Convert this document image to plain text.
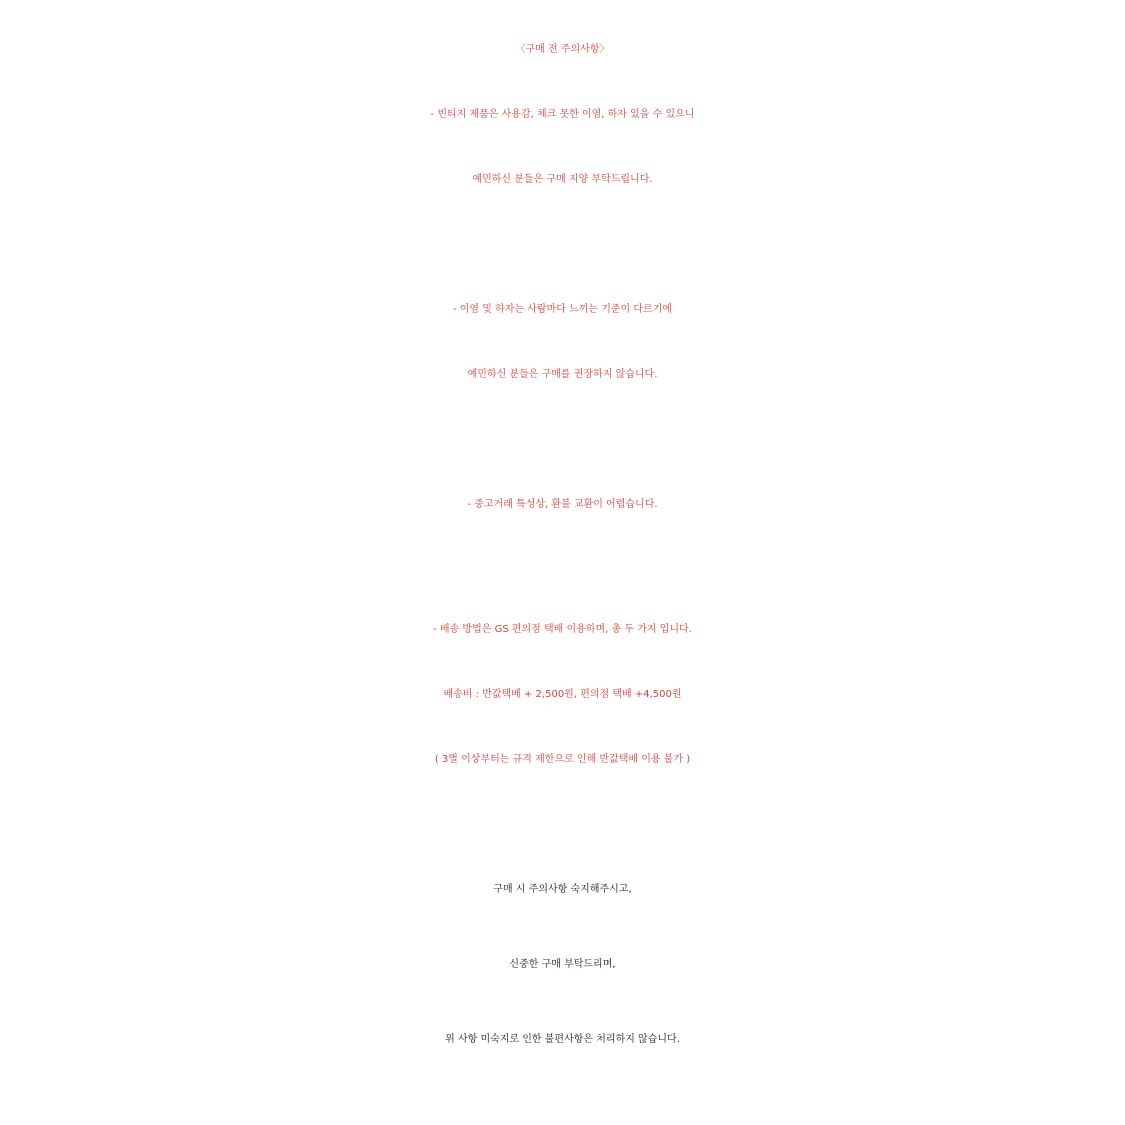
〈구매 전 주의사항〉
- 빈티지 제품은 사용감, 체크 못한 이염, 하자 있을 수 있으니
예민하신 분들은 구매 지양 부탁드립니다.
- 이염 및 하자는 사람마다 느끼는 기준이 다르기에
예민하신 분들은 구매를 권장하지 않습니다.
- 중고거래 특성상, 환불 교환이 어렵습니다.
- 배송 방법은 GS 편의점 택배 이용하며, 총 두 가지 입니다.
배송비 : 반값택배 + 2,500원, 편의점 택배 +4,500원
( 3벌 이상부터는 규격 제한으로 인해 반값택배 이용 불가 )
구매 시 주의사항 숙지해주시고,
신중한 구매 부탁드리며,
위 사항 미숙지로 인한 불편사항은 처리하지 않습니다.
